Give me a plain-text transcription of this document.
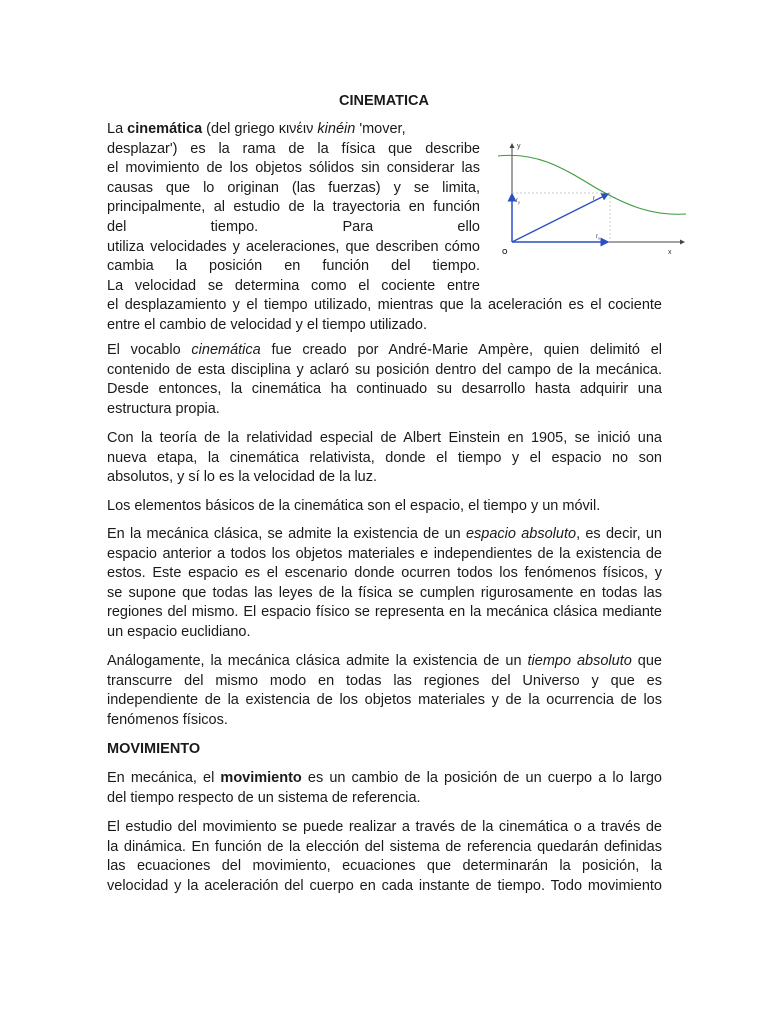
CINEMATICA
y
x
O
r
$r_y$
$r_x$
La cinemática (del griego κινέιν kinéin 'mover,
desplazar') es la rama de la física que describe
el movimiento de los objetos sólidos sin considerar las
causas que lo originan (las fuerzas) y se limita,
principalmente, al estudio de la trayectoria en función
del tiempo. Para ello
utiliza velocidades y aceleraciones, que describen cómo
cambia la posición en función del tiempo.
La velocidad se determina como el cociente entre
el desplazamiento y el tiempo utilizado, mientras que la aceleración es el cociente
entre el cambio de velocidad y el tiempo utilizado.
El vocablo cinemática fue creado por André-Marie Ampère, quien delimitó el
contenido de esta disciplina y aclaró su posición dentro del campo de la mecánica.
Desde entonces, la cinemática ha continuado su desarrollo hasta adquirir una
estructura propia.
Con la teoría de la relatividad especial de Albert Einstein en 1905, se inició una
nueva etapa, la cinemática relativista, donde el tiempo y el espacio no son
absolutos, y sí lo es la velocidad de la luz.
Los elementos básicos de la cinemática son el espacio, el tiempo y un móvil.
En la mecánica clásica, se admite la existencia de un espacio absoluto, es decir, un
espacio anterior a todos los objetos materiales e independientes de la existencia de
estos. Este espacio es el escenario donde ocurren todos los fenómenos físicos, y
se supone que todas las leyes de la física se cumplen rigurosamente en todas las
regiones del mismo. El espacio físico se representa en la mecánica clásica mediante
un espacio euclidiano.
Análogamente, la mecánica clásica admite la existencia de un tiempo absoluto que
transcurre del mismo modo en todas las regiones del Universo y que es
independiente de la existencia de los objetos materiales y de la ocurrencia de los
fenómenos físicos.
MOVIMIENTO
En mecánica, el movimiento es un cambio de la posición de un cuerpo a lo largo
del tiempo respecto de un sistema de referencia.
El estudio del movimiento se puede realizar a través de la cinemática o a través de
la dinámica. En función de la elección del sistema de referencia quedarán definidas
las ecuaciones del movimiento, ecuaciones que determinarán la posición, la
velocidad y la aceleración del cuerpo en cada instante de tiempo. Todo movimiento
